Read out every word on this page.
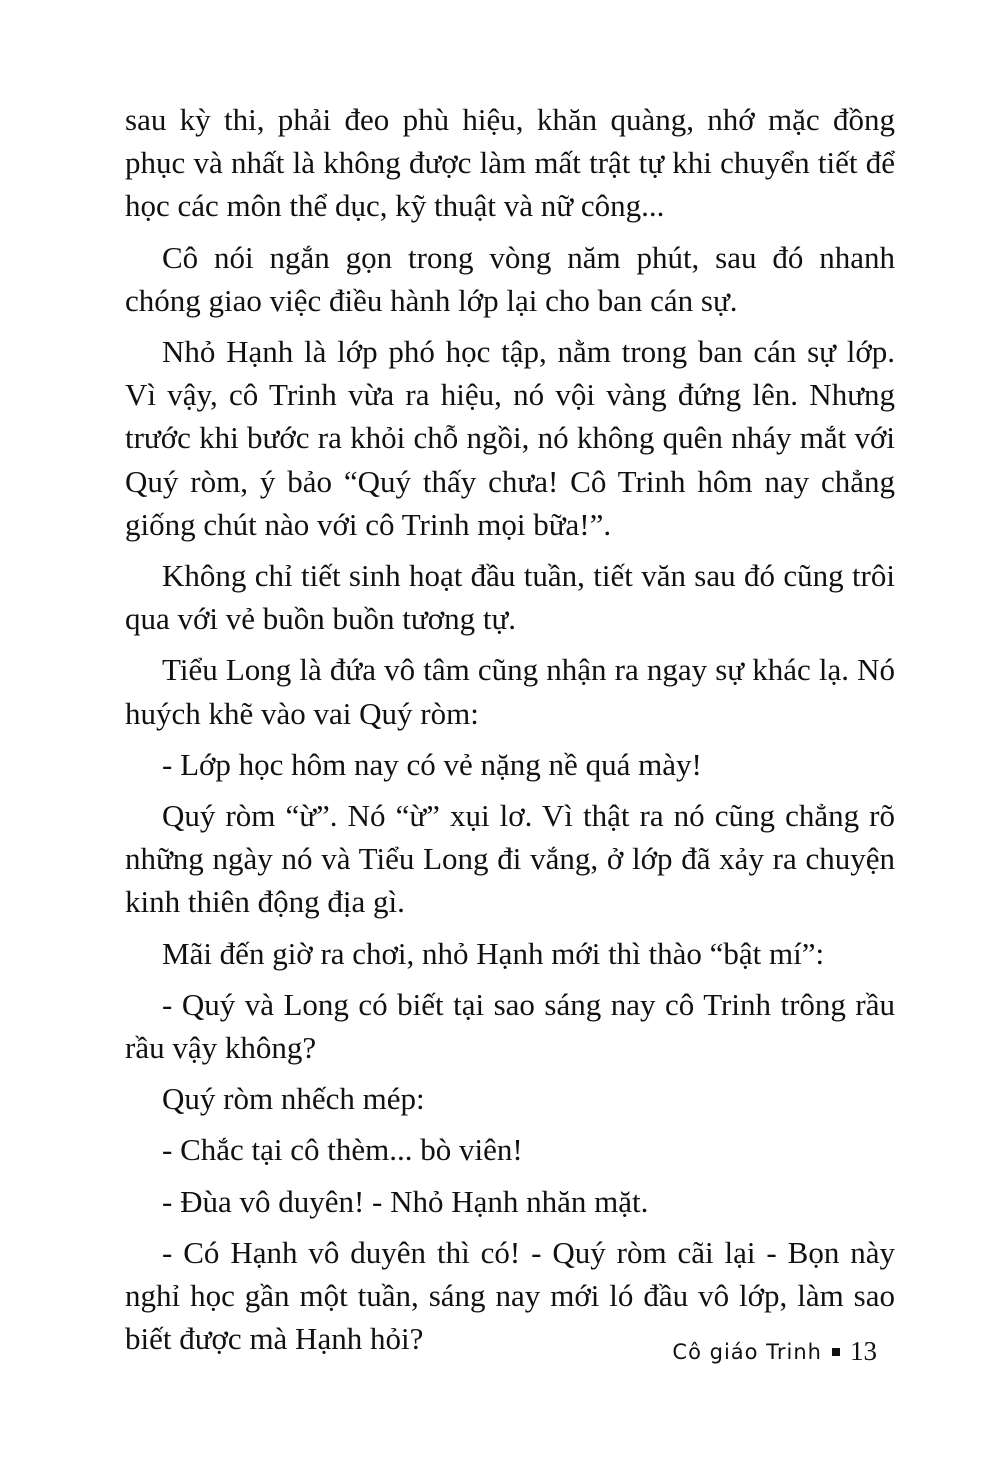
sau kỳ thi, phải đeo phù hiệu, khăn quàng, nhớ mặc đồng phục và nhất là không được làm mất trật tự khi chuyển tiết để học các môn thể dục, kỹ thuật và nữ công...

Cô nói ngắn gọn trong vòng năm phút, sau đó nhanh chóng giao việc điều hành lớp lại cho ban cán sự.

Nhỏ Hạnh là lớp phó học tập, nằm trong ban cán sự lớp. Vì vậy, cô Trinh vừa ra hiệu, nó vội vàng đứng lên. Nhưng trước khi bước ra khỏi chỗ ngồi, nó không quên nháy mắt với Quý ròm, ý bảo “Quý thấy chưa! Cô Trinh hôm nay chẳng giống chút nào với cô Trinh mọi bữa!”.

Không chỉ tiết sinh hoạt đầu tuần, tiết văn sau đó cũng trôi qua với vẻ buồn buồn tương tự.

Tiểu Long là đứa vô tâm cũng nhận ra ngay sự khác lạ. Nó huých khẽ vào vai Quý ròm:

- Lớp học hôm nay có vẻ nặng nề quá mày!

Quý ròm “ừ”. Nó “ừ” xụi lơ. Vì thật ra nó cũng chẳng rõ những ngày nó và Tiểu Long đi vắng, ở lớp đã xảy ra chuyện kinh thiên động địa gì.

Mãi đến giờ ra chơi, nhỏ Hạnh mới thì thào “bật mí”:

- Quý và Long có biết tại sao sáng nay cô Trinh trông rầu rầu vậy không?

Quý ròm nhếch mép:

- Chắc tại cô thèm... bò viên!

- Đùa vô duyên! - Nhỏ Hạnh nhăn mặt.

- Có Hạnh vô duyên thì có! - Quý ròm cãi lại - Bọn này nghỉ học gần một tuần, sáng nay mới ló đầu vô lớp, làm sao biết được mà Hạnh hỏi?	Cô giáo Trinh 13
